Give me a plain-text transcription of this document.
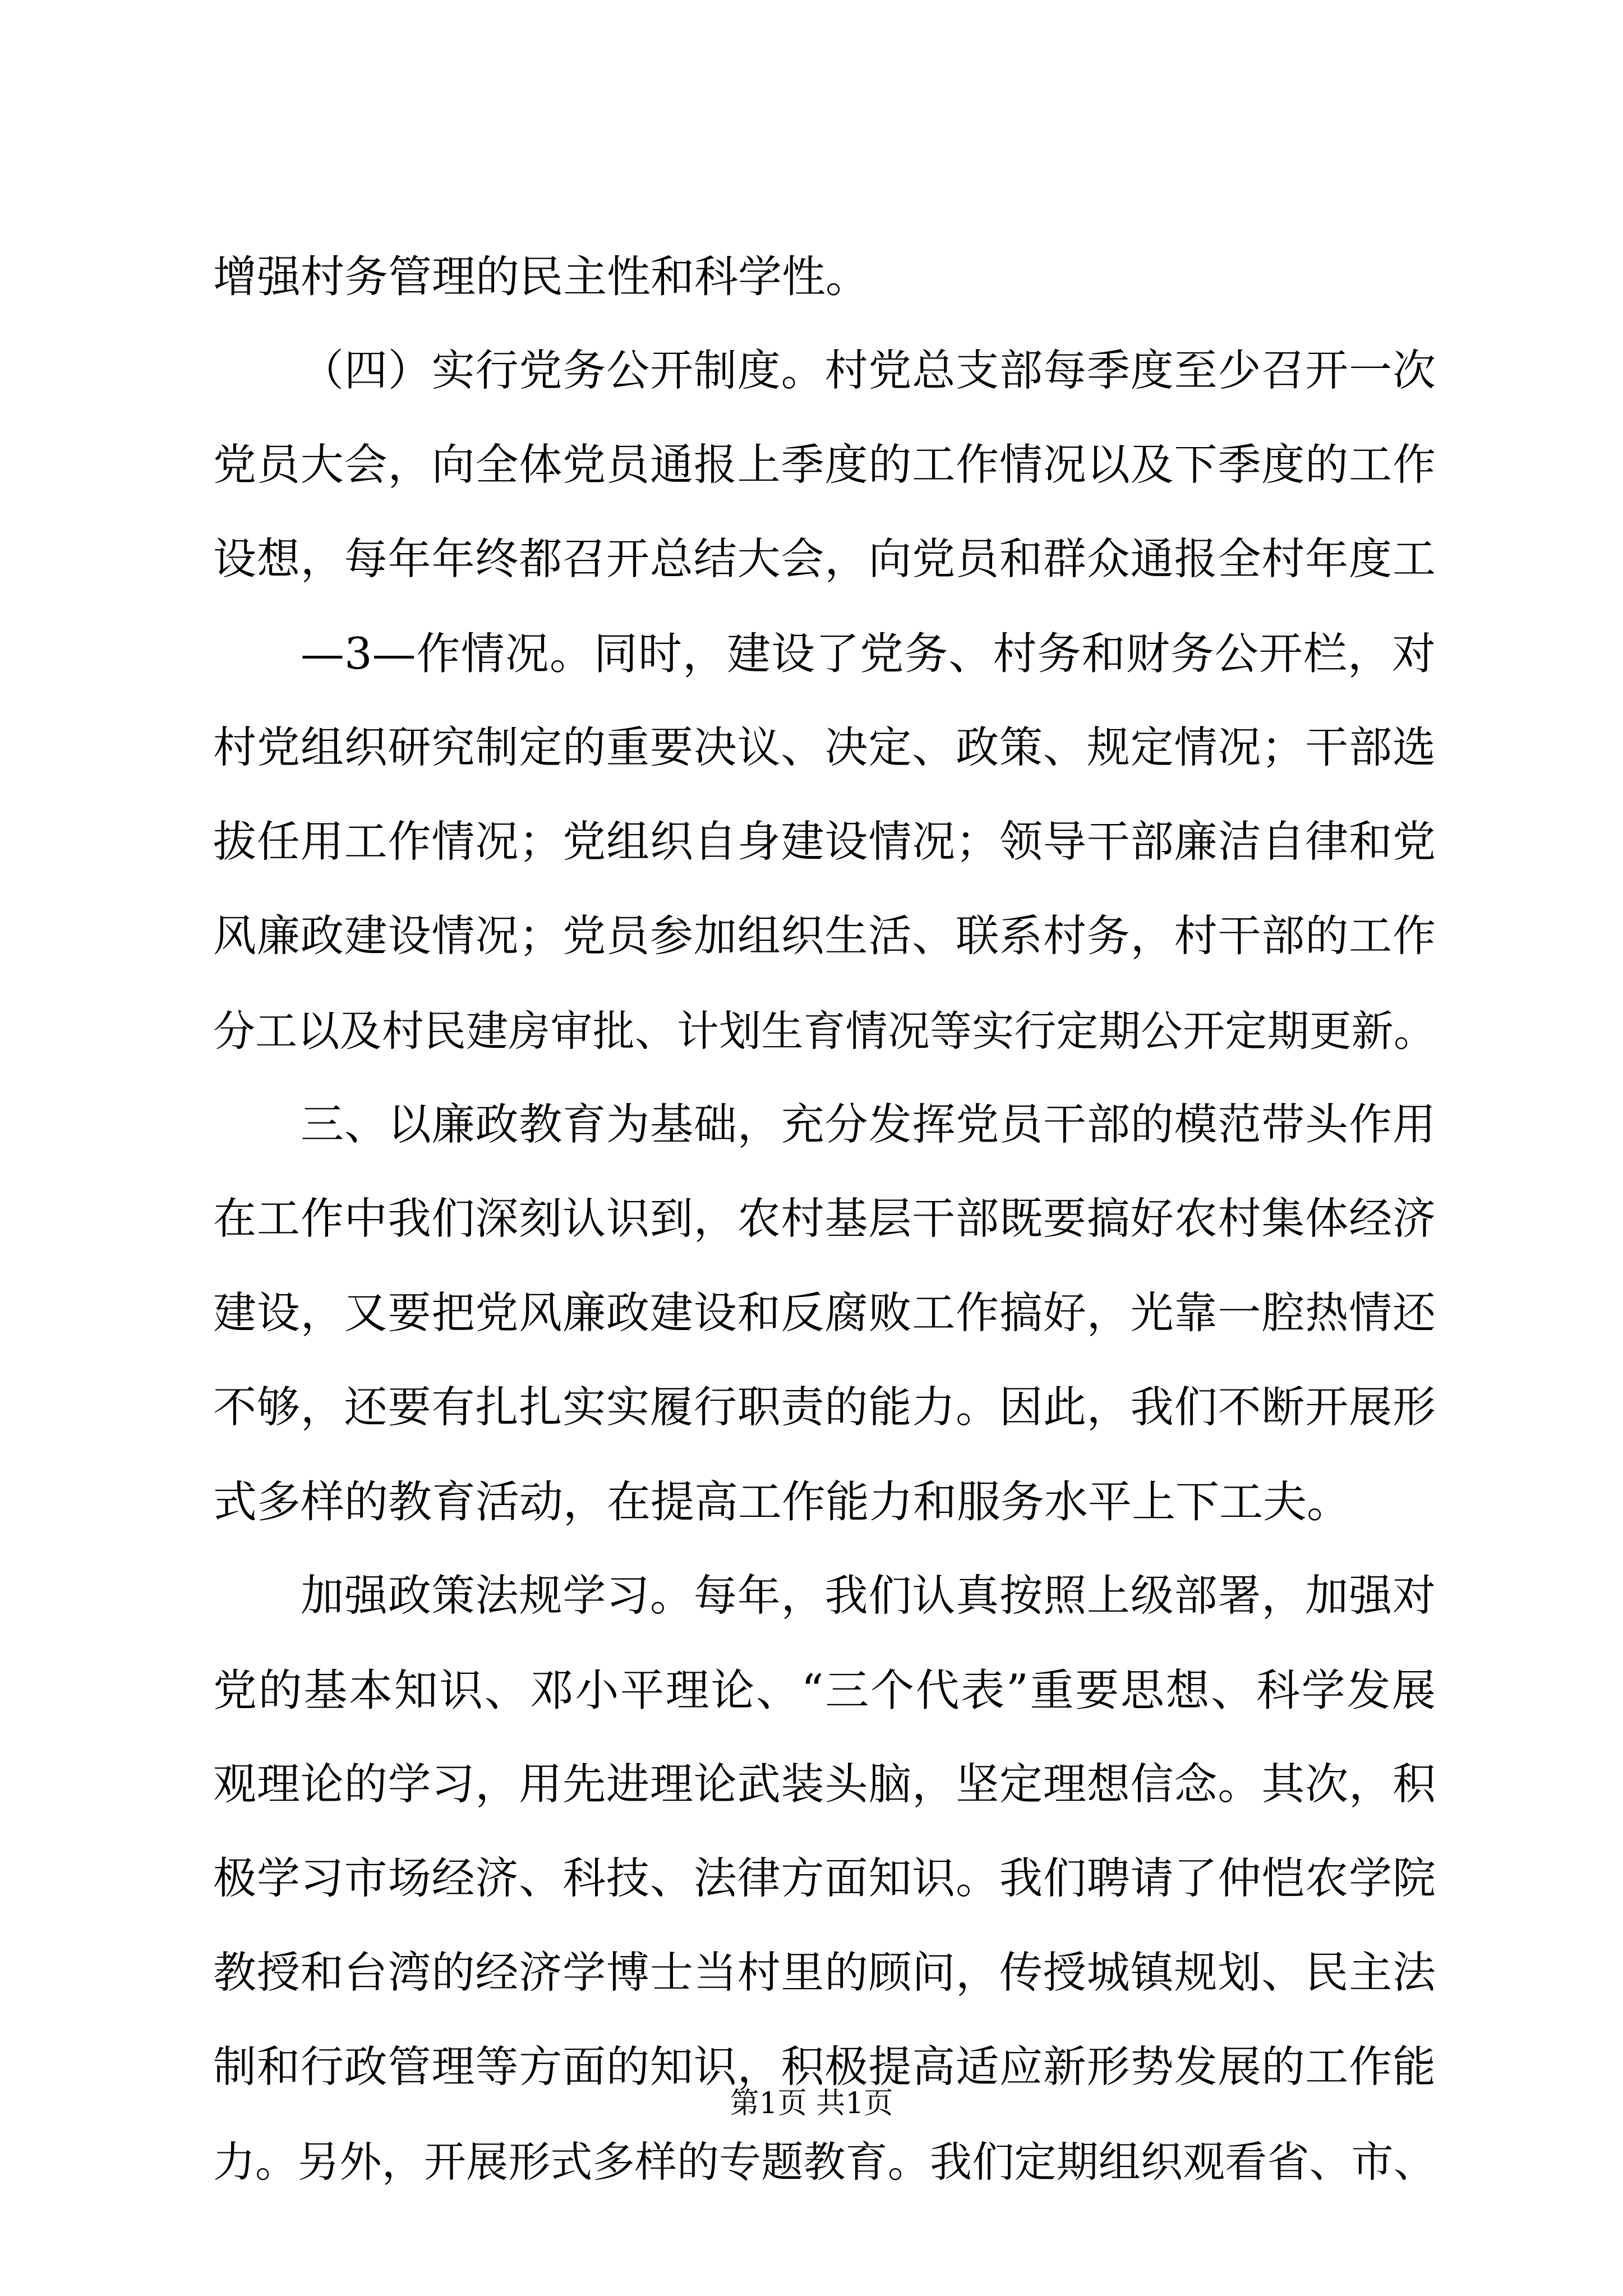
增强村务管理的民主性和科学性。
（四）实行党务公开制度。村党总支部每季度至少召开一次
党员大会，向全体党员通报上季度的工作情况以及下季度的工作
设想，每年年终都召开总结大会，向党员和群众通报全村年度工
—3—作情况。同时，建设了党务、村务和财务公开栏，对
村党组织研究制定的重要决议、决定、政策、规定情况；干部选
拔任用工作情况；党组织自身建设情况；领导干部廉洁自律和党
风廉政建设情况；党员参加组织生活、联系村务，村干部的工作
分工以及村民建房审批、计划生育情况等实行定期公开定期更新。
三、以廉政教育为基础，充分发挥党员干部的模范带头作用
在工作中我们深刻认识到，农村基层干部既要搞好农村集体经济
建设，又要把党风廉政建设和反腐败工作搞好，光靠一腔热情还
不够，还要有扎扎实实履行职责的能力。因此，我们不断开展形
式多样的教育活动，在提高工作能力和服务水平上下工夫。
加强政策法规学习。每年，我们认真按照上级部署，加强对
党的基本知识、邓小平理论、“三个代表”重要思想、科学发展
观理论的学习，用先进理论武装头脑，坚定理想信念。其次，积
极学习市场经济、科技、法律方面知识。我们聘请了仲恺农学院
教授和台湾的经济学博士当村里的顾问，传授城镇规划、民主法
制和行政管理等方面的知识，积极提高适应新形势发展的工作能
力。另外，开展形式多样的专题教育。我们定期组织观看省、市、
第1页 共1页
